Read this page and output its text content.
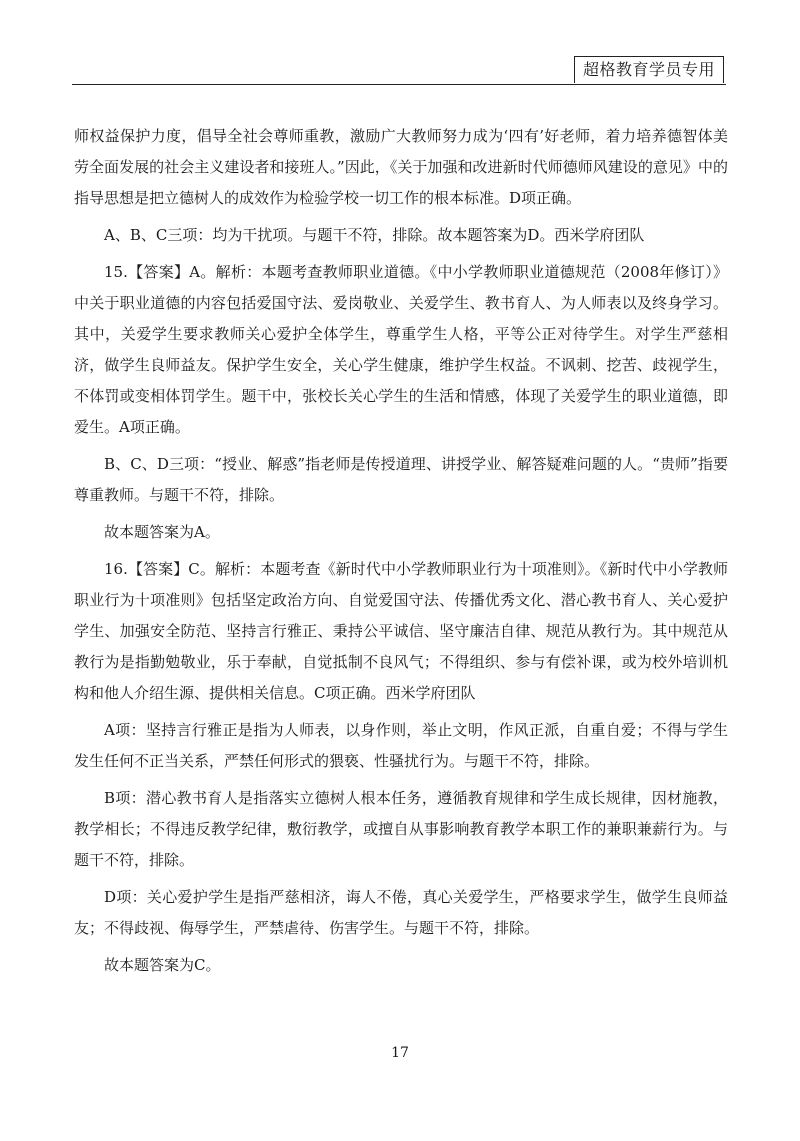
超格教育学员专用

师权益保护力度，倡导全社会尊师重教，激励广大教师努力成为‘四有’好老师，着力培养德智体美劳全面发展的社会主义建设者和接班人。”因此，《关于加强和改进新时代师德师风建设的意见》中的指导思想是把立德树人的成效作为检验学校一切工作的根本标准。D项正确。

A、B、C三项：均为干扰项。与题干不符，排除。故本题答案为D。西米学府团队

15.【答案】A。解析：本题考查教师职业道德。《中小学教师职业道德规范（2008年修订）》中关于职业道德的内容包括爱国守法、爱岗敬业、关爱学生、教书育人、为人师表以及终身学习。其中，关爱学生要求教师关心爱护全体学生，尊重学生人格，平等公正对待学生。对学生严慈相济，做学生良师益友。保护学生安全，关心学生健康，维护学生权益。不讽刺、挖苦、歧视学生，不体罚或变相体罚学生。题干中，张校长关心学生的生活和情感，体现了关爱学生的职业道德，即爱生。A项正确。

B、C、D三项：“授业、解惑”指老师是传授道理、讲授学业、解答疑难问题的人。“贵师”指要尊重教师。与题干不符，排除。

故本题答案为A。

16.【答案】C。解析：本题考查《新时代中小学教师职业行为十项准则》。《新时代中小学教师职业行为十项准则》包括坚定政治方向、自觉爱国守法、传播优秀文化、潜心教书育人、关心爱护学生、加强安全防范、坚持言行雅正、秉持公平诚信、坚守廉洁自律、规范从教行为。其中规范从教行为是指勤勉敬业，乐于奉献，自觉抵制不良风气；不得组织、参与有偿补课，或为校外培训机构和他人介绍生源、提供相关信息。C项正确。西米学府团队

A项：坚持言行雅正是指为人师表，以身作则，举止文明，作风正派，自重自爱；不得与学生发生任何不正当关系，严禁任何形式的猥亵、性骚扰行为。与题干不符，排除。

B项：潜心教书育人是指落实立德树人根本任务，遵循教育规律和学生成长规律，因材施教，教学相长；不得违反教学纪律，敷衍教学，或擅自从事影响教育教学本职工作的兼职兼薪行为。与题干不符，排除。

D项：关心爱护学生是指严慈相济，诲人不倦，真心关爱学生，严格要求学生，做学生良师益友；不得歧视、侮辱学生，严禁虐待、伤害学生。与题干不符，排除。

故本题答案为C。

17
